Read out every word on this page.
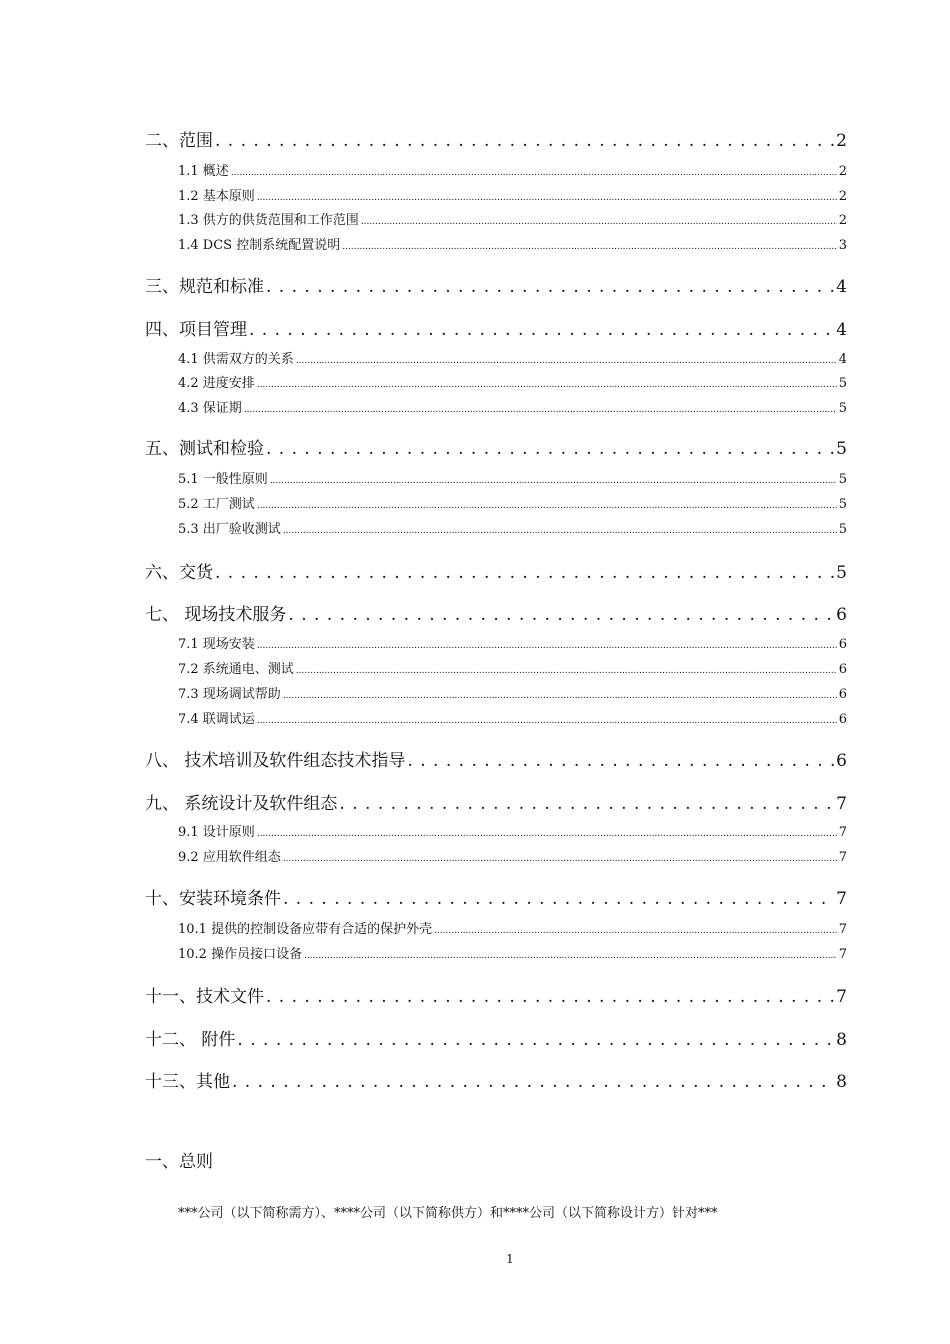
二、范围 . . .	2
1.1 概述 .....	2
1.2 基本原则 .....	2
1.3 供方的供货范围和工作范围 .....	2
1.4 DCS 控制系统配置说明 .....	3
三、规范和标准 . . .	4
四、项目管理 . . .	4
4.1 供需双方的关系 .....	4
4.2 进度安排 .....	5
4.3 保证期 .....	5
五、测试和检验 . . .	5
5.1 一般性原则 .....	5
5.2 工厂测试 .....	5
5.3 出厂验收测试 .....	5
六、交货 . . .	5
七、 现场技术服务 . . .	6
7.1 现场安装 .....	6
7.2 系统通电、测试 .....	6
7.3 现场调试帮助 .....	6
7.4 联调试运 .....	6
八、 技术培训及软件组态技术指导 . . .	6
九、 系统设计及软件组态 . . .	7
9.1 设计原则 .....	7
9.2 应用软件组态 .....	7
十、安装环境条件 . . .	7
10.1 提供的控制设备应带有合适的保护外壳 .....	7
10.2 操作员接口设备 .....	7
十一、技术文件 . . .	7
十二、 附件 . . .	8
十三、其他 . . .	8
一、总则
***公司（以下简称需方）、****公司（以下简称供方）和****公司（以下简称设计方）针对***
1
